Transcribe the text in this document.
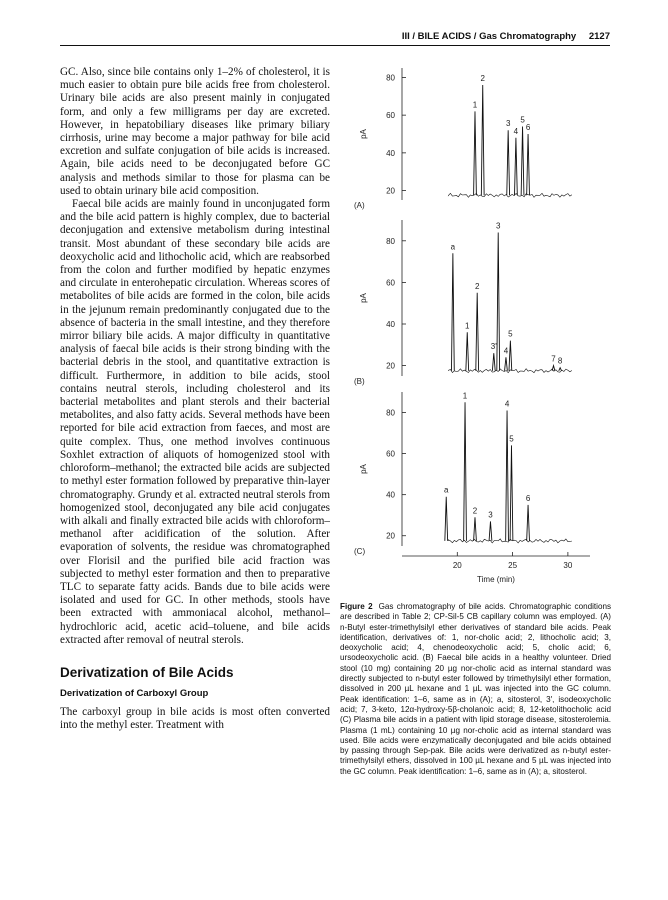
III / BILE ACIDS / Gas Chromatography 2127

GC. Also, since bile contains only 1–2% of cholesterol, it is much easier to obtain pure bile acids free from cholesterol. Urinary bile acids are also present mainly in conjugated form, and only a few milligrams per day are excreted. However, in hepatobiliary diseases like primary biliary cirrhosis, urine may become a major pathway for bile acid excretion and sulfate conjugation of bile acids is increased. Again, bile acids need to be deconjugated before GC analysis and methods similar to those for plasma can be used to obtain urinary bile acid composition.

Faecal bile acids are mainly found in unconjugated form and the bile acid pattern is highly complex, due to bacterial deconjugation and extensive metabolism during intestinal transit. Most abundant of these secondary bile acids are deoxycholic acid and lithocholic acid, which are reabsorbed from the colon and further modified by hepatic enzymes and circulate in enterohepatic circulation. Whereas scores of metabolites of bile acids are formed in the colon, bile acids in the jejunum remain predominantly conjugated due to the absence of bacteria in the small intestine, and they therefore mirror biliary bile acids. A major difficulty in quantitative analysis of faecal bile acids is their strong binding with the bacterial debris in the stool, and quantitative extraction is difficult. Furthermore, in addition to bile acids, stool contains neutral sterols, including cholesterol and its bacterial metabolites and plant sterols and their bacterial metabolites, and also fatty acids. Several methods have been reported for bile acid extraction from faeces, and most are quite complex. Thus, one method involves continuous Soxhlet extraction of aliquots of homogenized stool with chloroform–methanol; the extracted bile acids are subjected to methyl ester formation followed by preparative thin-layer chromatography. Grundy et al. extracted neutral sterols from homogenized stool, deconjugated any bile acid conjugates with alkali and finally extracted bile acids with chloroform–methanol after acidification of the solution. After evaporation of solvents, the residue was chromatographed over Florisil and the purified bile acid fraction was subjected to methyl ester formation and then to preparative TLC to separate fatty acids. Bands due to bile acids were isolated and used for GC. In other methods, stools have been extracted with ammoniacal alcohol, methanol–hydrochloric acid, acetic acid–toluene, and bile acids extracted after removal of neutral sterols.

Derivatization of Bile Acids
Derivatization of Carboxyl Group

The carboxyl group in bile acids is most often converted into the methyl ester. Treatment with

20
40
60
80
pA
(A)
1
2
3
4
5
6
20
40
60
80
pA
(B)
a
1
2
3
3' 4
5
7 8
20
40
60
80
pA
(C)
a
1
2 3
4
5
6
20	25	30
Time (min)
Figure 2 Gas chromatography of bile acids. Chromatographic conditions are described in Table 2; CP-Sil-5 CB capillary column was employed. (A) n-Butyl ester-trimethylsilyl ether derivatives of standard bile acids. Peak identification, derivatives of: 1, nor-cholic acid; 2, lithocholic acid; 3, deoxycholic acid; 4, chenodeoxycholic acid; 5, cholic acid; 6, ursodeoxycholic acid. (B) Faecal bile acids in a healthy volunteer. Dried stool (10 mg) containing 20 µg nor-cholic acid as internal standard was directly subjected to n-butyl ester followed by trimethylsilyl ether formation, dissolved in 200 µL hexane and 1 µL was injected into the GC column. Peak identification: 1–6, same as in (A); a, sitosterol, 3′, isodeoxycholic acid; 7, 3-keto, 12α-hydroxy-5β-cholanoic acid; 8, 12-ketolithocholic acid (C) Plasma bile acids in a patient with lipid storage disease, sitosterolemia. Plasma (1 mL) containing 10 µg nor-cholic acid as internal standard was used. Bile acids were enzymatically deconjugated and bile acids obtained by passing through Sep-pak. Bile acids were derivatized as n-butyl ester-trimethylsilyl ethers, dissolved in 100 µL hexane and 5 µL was injected into the GC column. Peak identification: 1–6, same as in (A); a, sitosterol.
